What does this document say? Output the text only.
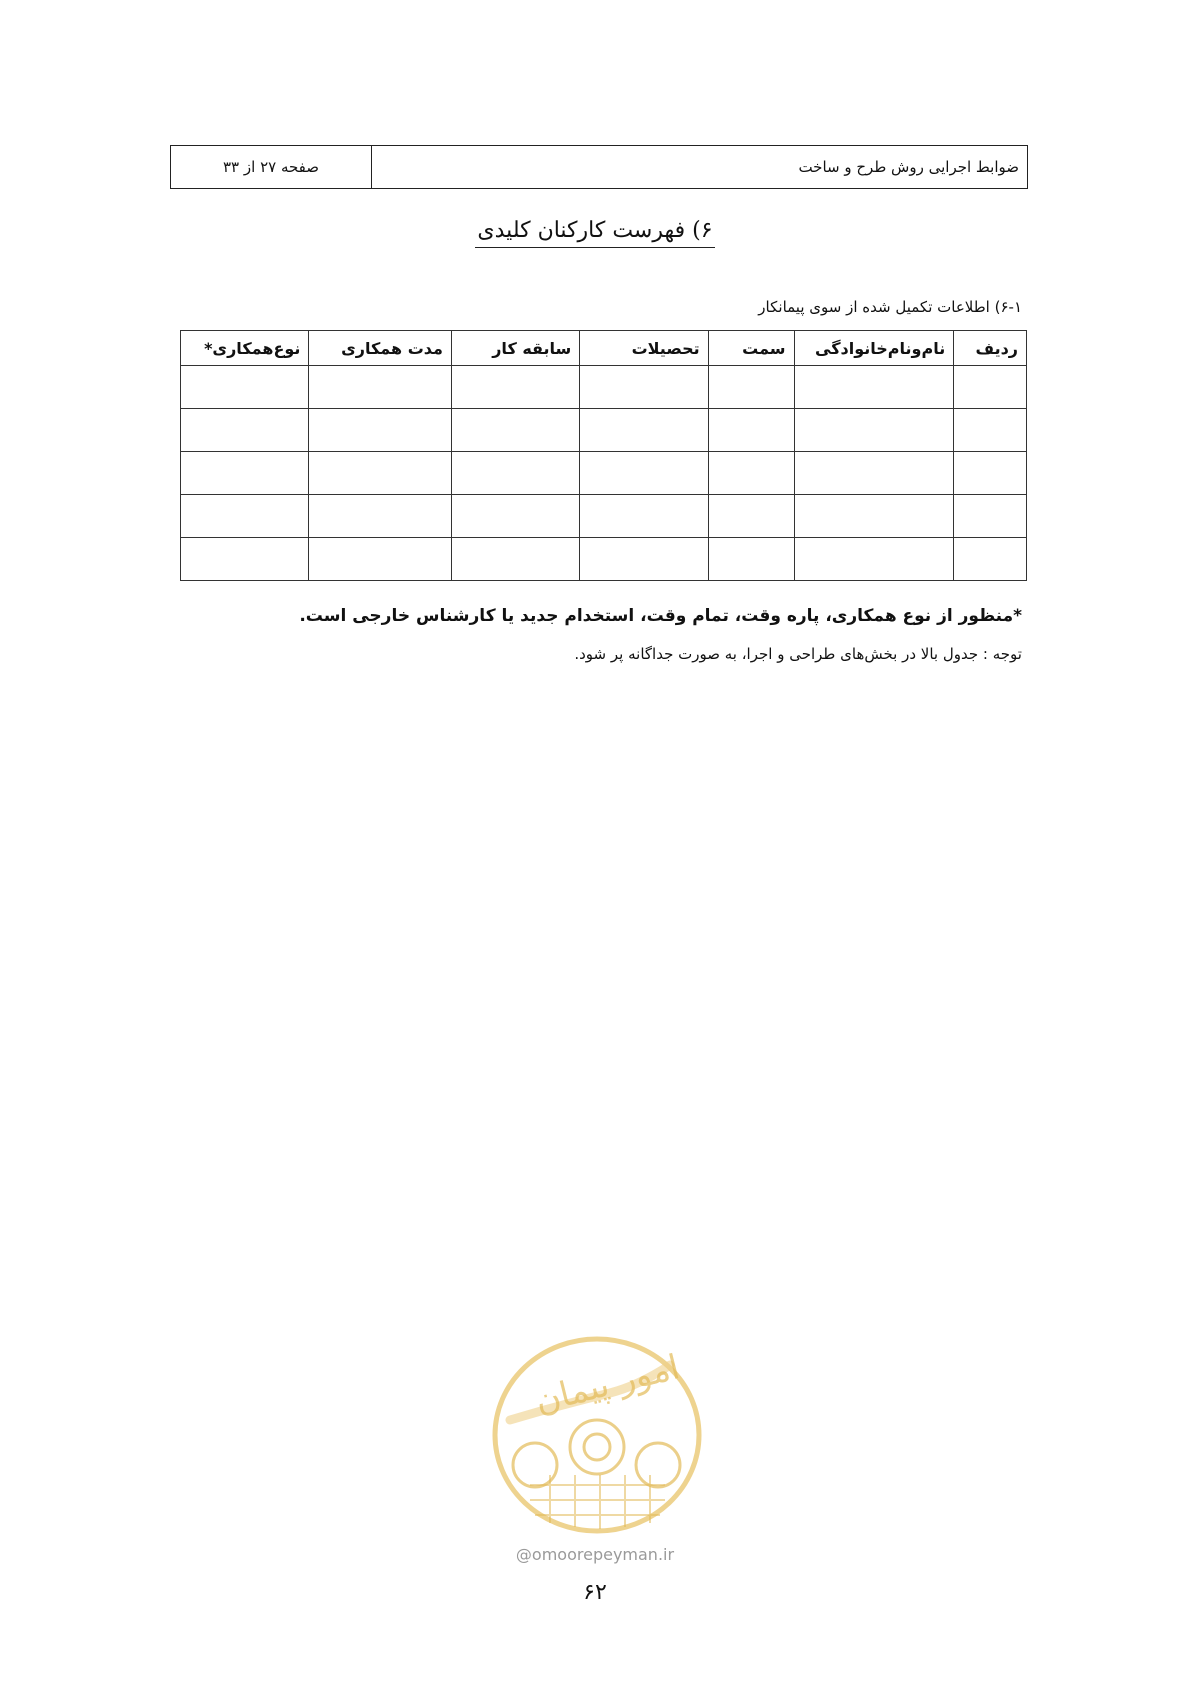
ضوابط اجرایی روش طرح و ساخت
صفحه ۲۷ از ۳۳
۶) فهرست کارکنان کلیدی
۶-۱) اطلاعات تکمیل شده از سوی پیمانکار
ردیف	نام‌ونام‌خانوادگی	سمت	تحصیلات	سابقه کار	مدت همکاری	نوع‌همکاری*

*منظور از نوع همکاری، پاره وقت، تمام وقت، استخدام جدید یا کارشناس خارجی است.
توجه : جدول بالا در بخش‌های طراحی و اجرا، به صورت جداگانه پر شود.
امور پیمان
@omoorepeyman.ir
۶۲
